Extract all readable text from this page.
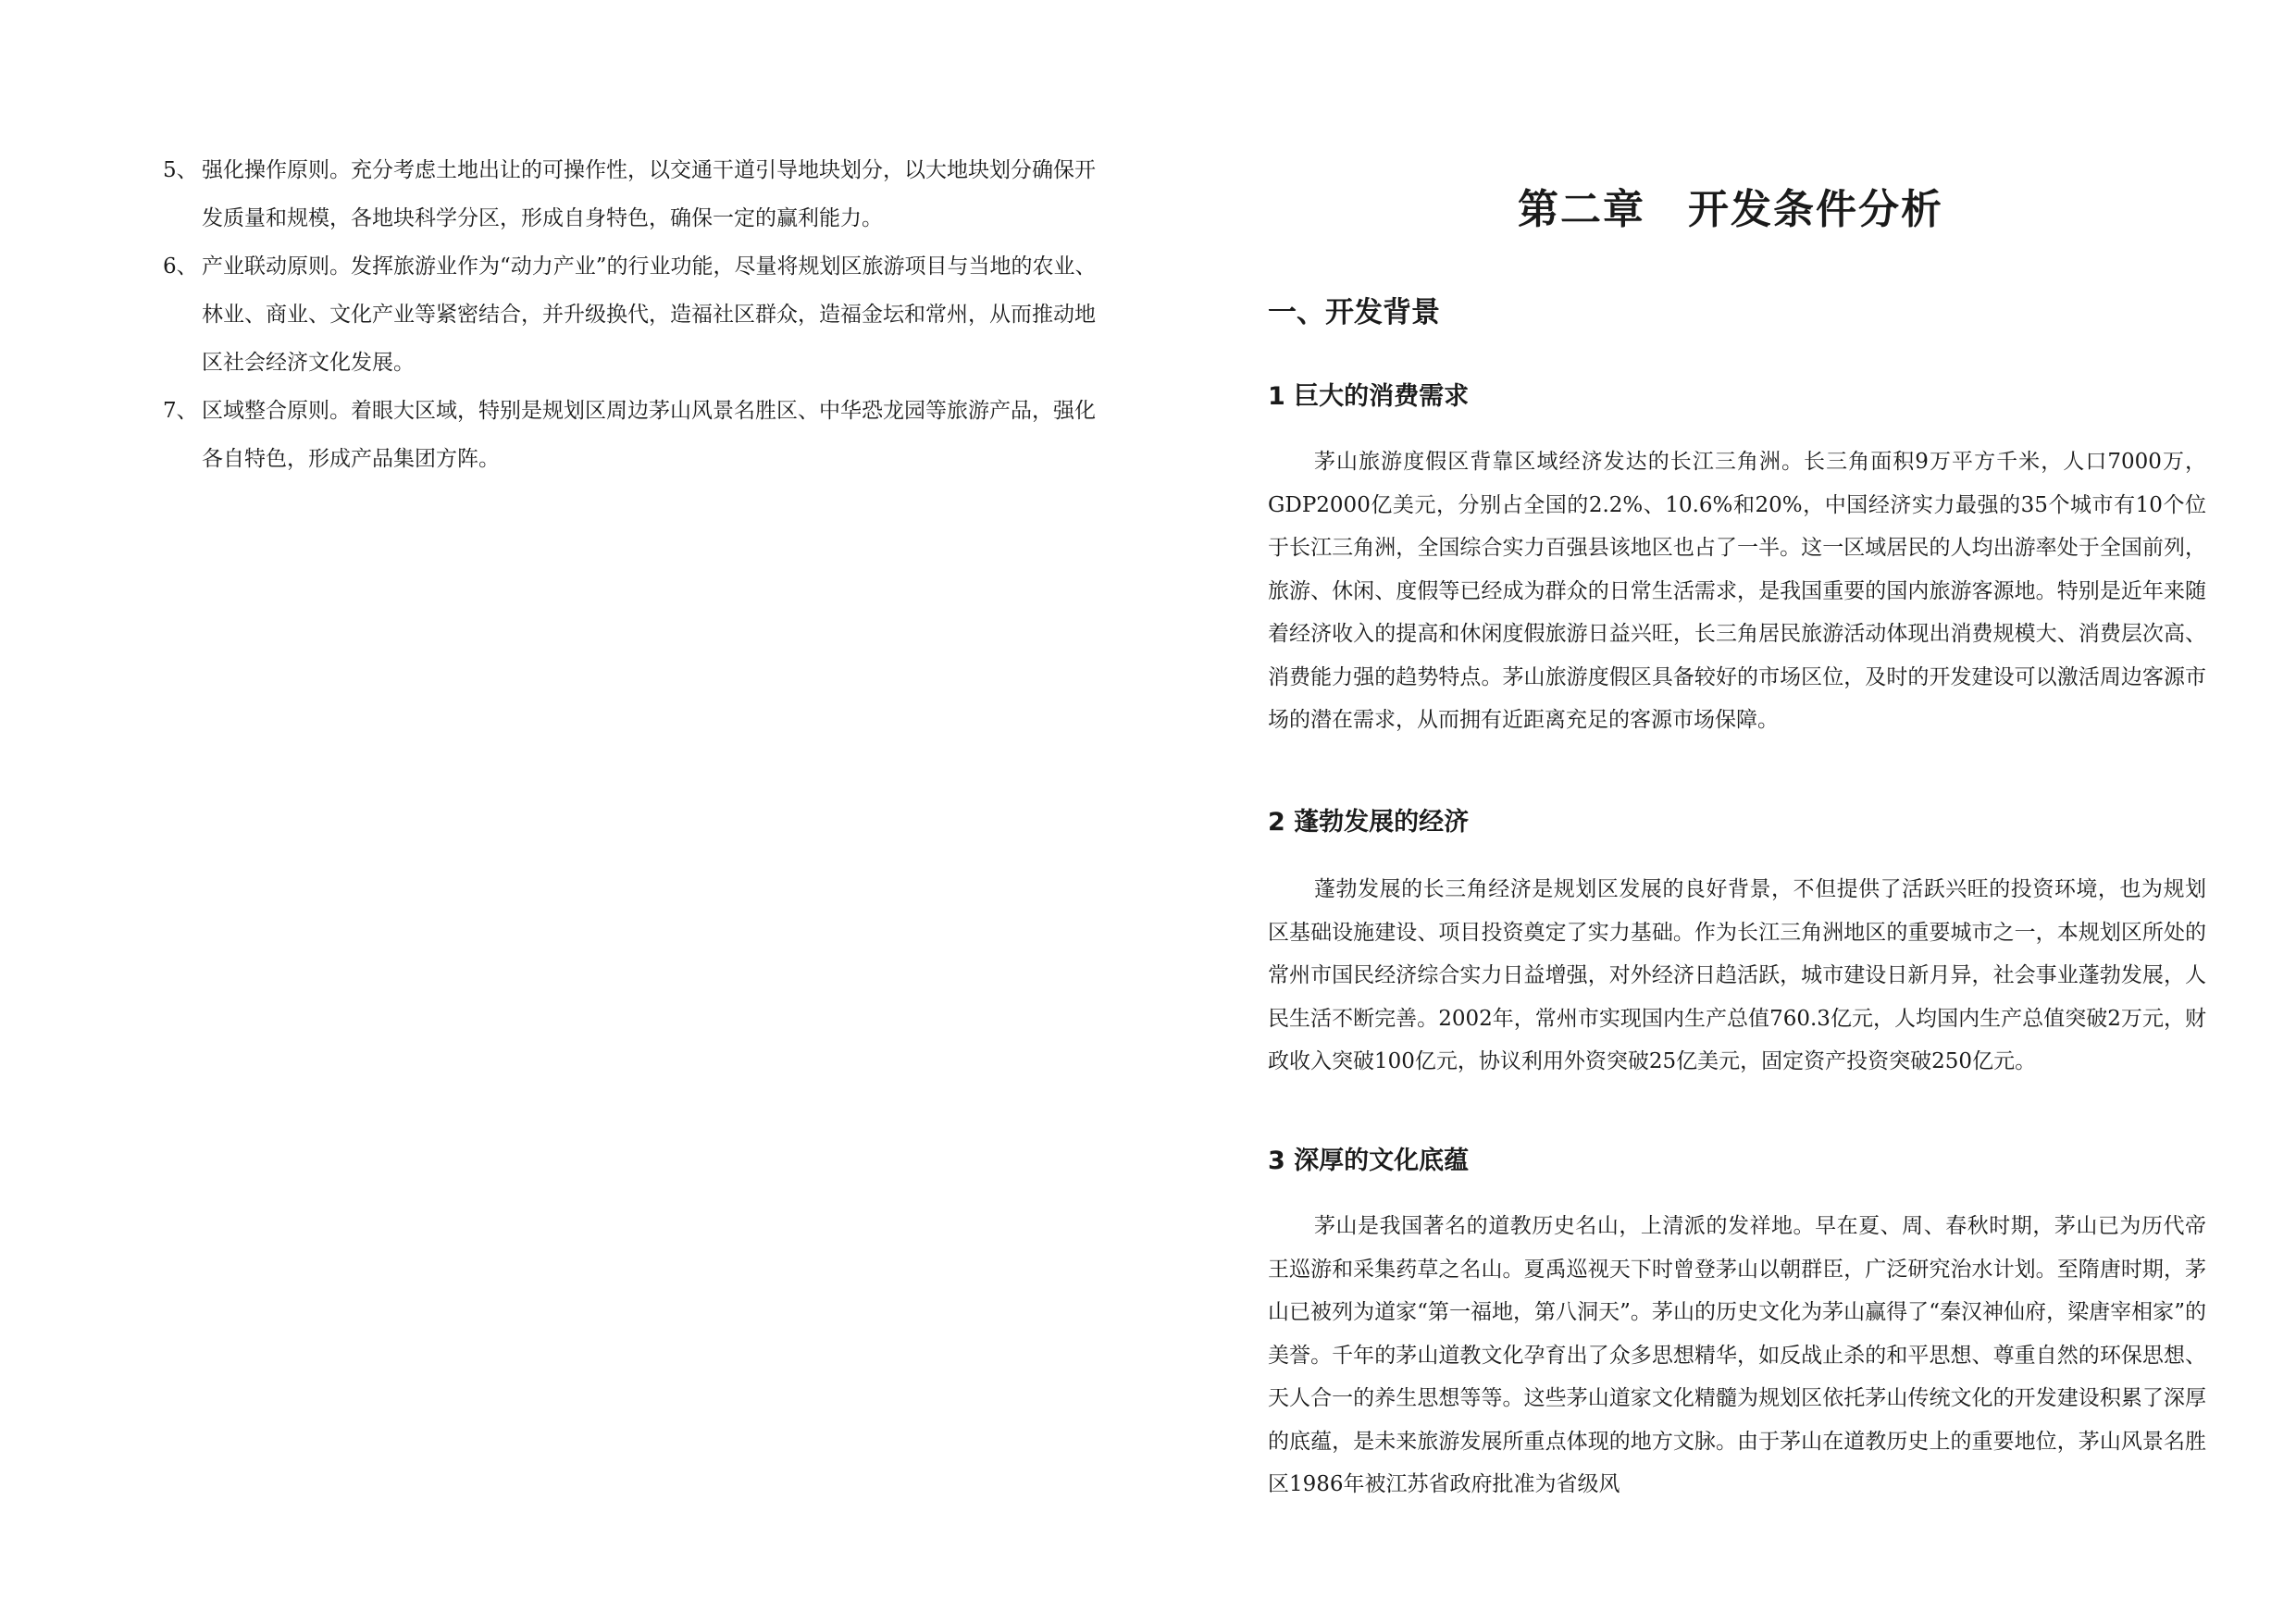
5、 强化操作原则。充分考虑土地出让的可操作性，以交通干道引导地块划分，以大地块划分确保开发质量和规模，各地块科学分区，形成自身特色，确保一定的赢利能力。
6、 产业联动原则。发挥旅游业作为“动力产业”的行业功能，尽量将规划区旅游项目与当地的农业、林业、商业、文化产业等紧密结合，并升级换代，造福社区群众，造福金坛和常州，从而推动地区社会经济文化发展。
7、 区域整合原则。着眼大区域，特别是规划区周边茅山风景名胜区、中华恐龙园等旅游产品，强化各自特色，形成产品集团方阵。
第二章　开发条件分析
一、开发背景
1 巨大的消费需求

茅山旅游度假区背靠区域经济发达的长江三角洲。长三角面积9万平方千米，人口7000万，GDP2000亿美元，分别占全国的2.2%、10.6%和20%，中国经济实力最强的35个城市有10个位于长江三角洲，全国综合实力百强县该地区也占了一半。这一区域居民的人均出游率处于全国前列，旅游、休闲、度假等已经成为群众的日常生活需求，是我国重要的国内旅游客源地。特别是近年来随着经济收入的提高和休闲度假旅游日益兴旺，长三角居民旅游活动体现出消费规模大、消费层次高、消费能力强的趋势特点。茅山旅游度假区具备较好的市场区位，及时的开发建设可以激活周边客源市场的潜在需求，从而拥有近距离充足的客源市场保障。

2 蓬勃发展的经济

蓬勃发展的长三角经济是规划区发展的良好背景，不但提供了活跃兴旺的投资环境，也为规划区基础设施建设、项目投资奠定了实力基础。作为长江三角洲地区的重要城市之一，本规划区所处的常州市国民经济综合实力日益增强，对外经济日趋活跃，城市建设日新月异，社会事业蓬勃发展，人民生活不断完善。2002年，常州市实现国内生产总值760.3亿元，人均国内生产总值突破2万元，财政收入突破100亿元，协议利用外资突破25亿美元，固定资产投资突破250亿元。

3 深厚的文化底蕴

茅山是我国著名的道教历史名山，上清派的发祥地。早在夏、周、春秋时期，茅山已为历代帝王巡游和采集药草之名山。夏禹巡视天下时曾登茅山以朝群臣，广泛研究治水计划。至隋唐时期，茅山已被列为道家“第一福地，第八洞天”。茅山的历史文化为茅山赢得了“秦汉神仙府，梁唐宰相家”的美誉。千年的茅山道教文化孕育出了众多思想精华，如反战止杀的和平思想、尊重自然的环保思想、天人合一的养生思想等等。这些茅山道家文化精髓为规划区依托茅山传统文化的开发建设积累了深厚的底蕴，是未来旅游发展所重点体现的地方文脉。由于茅山在道教历史上的重要地位，茅山风景名胜区1986年被江苏省政府批准为省级风
